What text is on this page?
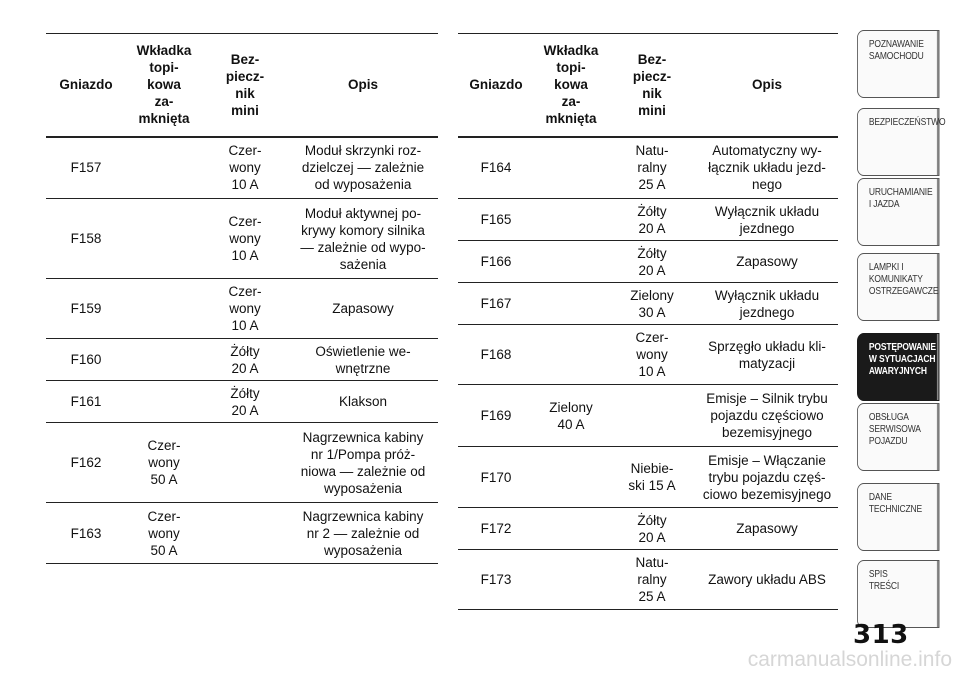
Gniazdo	Wkładka
topi-
kowa
za-
mknięta	Bez-
piecz-
nik
mini	Opis

F157		Czer-
wony
10 A	Moduł skrzynki roz-
dzielczej — zależnie
od wyposażenia

F158		Czer-
wony
10 A	Moduł aktywnej po-
krywy komory silnika
— zależnie od wypo-
sażenia

F159		Czer-
wony
10 A	Zapasowy

F160		Żółty
20 A	Oświetlenie we-
wnętrzne

F161		Żółty
20 A	Klakson

F162	Czer-
wony
50 A		Nagrzewnica kabiny
nr 1/Pompa próż-
niowa — zależnie od
wyposażenia

F163	Czer-
wony
50 A		Nagrzewnica kabiny
nr 2 — zależnie od
wyposażenia
Gniazdo	Wkładka
topi-
kowa
za-
mknięta	Bez-
piecz-
nik
mini	Opis

F164		Natu-
ralny
25 A	Automatyczny wy-
łącznik układu jezd-
nego

F165		Żółty
20 A	Wyłącznik układu
jezdnego

F166		Żółty
20 A	Zapasowy

F167		Zielony
30 A	Wyłącznik układu
jezdnego

F168		Czer-
wony
10 A	Sprzęgło układu kli-
matyzacji

F169	Zielony
40 A		Emisje – Silnik trybu
pojazdu częściowo
bezemisyjnego

F170		Niebie-
ski 15 A	Emisje – Włączanie
trybu pojazdu częś-
ciowo bezemisyjnego

F172		Żółty
20 A	Zapasowy

F173		Natu-
ralny
25 A	Zawory układu ABS
POZNAWANIE
SAMOCHODU
BEZPIECZEŃSTWO
URUCHAMIANIE
I JAZDA
LAMPKI I
KOMUNIKATY
OSTRZEGAWCZE
POSTĘPOWANIE
W SYTUACJACH
AWARYJNYCH
OBSŁUGA
SERWISOWA
POJAZDU
DANE
TECHNICZNE
SPIS
TREŚCI
313
carmanualsonline.info
